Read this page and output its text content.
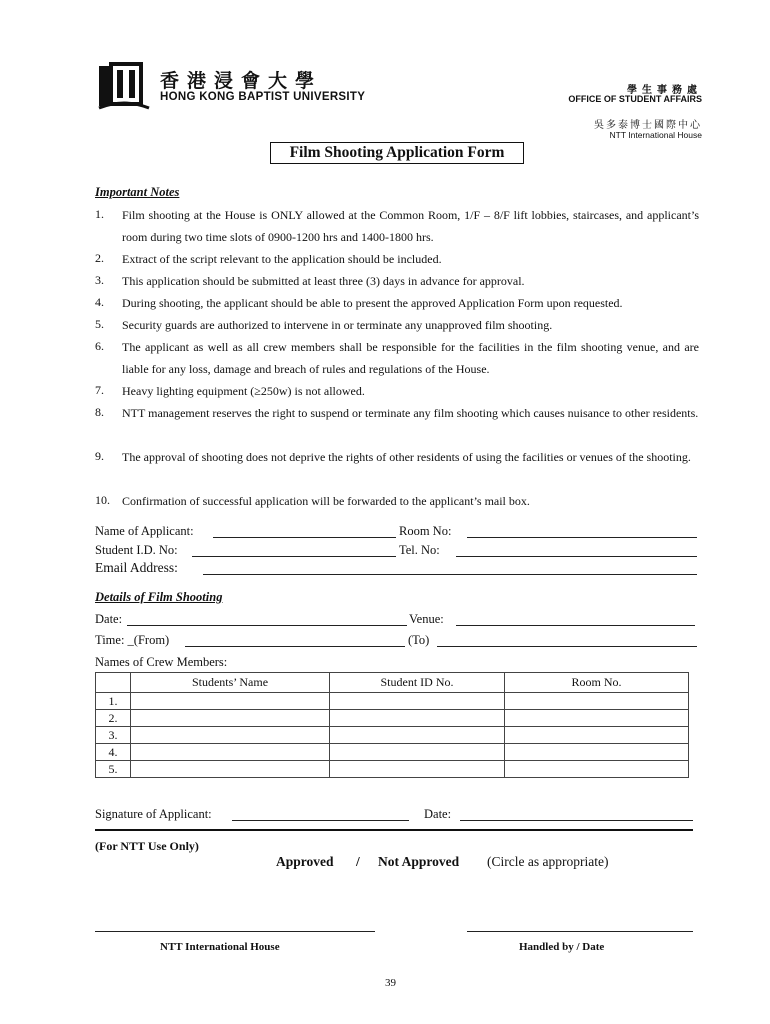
香港浸會大學
HONG KONG BAPTIST UNIVERSITY
學生事務處
OFFICE OF STUDENT AFFAIRS
吳多泰博士國際中心
NTT International House
Film Shooting Application Form
Important Notes
1. Film shooting at the House is ONLY allowed at the Common Room, 1/F – 8/F lift lobbies, staircases, and applicant’s room during two time slots of 0900-1200 hrs and 1400-1800 hrs.
2. Extract of the script relevant to the application should be included.
3. This application should be submitted at least three (3) days in advance for approval.
4. During shooting, the applicant should be able to present the approved Application Form upon requested.
5. Security guards are authorized to intervene in or terminate any unapproved film shooting.
6. The applicant as well as all crew members shall be responsible for the facilities in the film shooting venue, and are liable for any loss, damage and breach of rules and regulations of the House.
7. Heavy lighting equipment (≥250w) is not allowed.
8. NTT management reserves the right to suspend or terminate any film shooting which causes nuisance to other residents.
9. The approval of shooting does not deprive the rights of other residents of using the facilities or venues of the shooting.
10. Confirmation of successful application will be forwarded to the applicant’s mail box.
Name of Applicant:	Room No:
Student I.D. No:	Tel. No:
Email Address:
Details of Film Shooting
Date:	Venue:
Time: _(From)	(To)
Names of Crew Members:
	Students’ Name	Student ID No.	Room No.
1.			
2.			
3.			
4.			
5.			
Signature of Applicant:	Date:
(For NTT Use Only)
Approved / Not Approved (Circle as appropriate)
NTT International House	Handled by / Date
39
